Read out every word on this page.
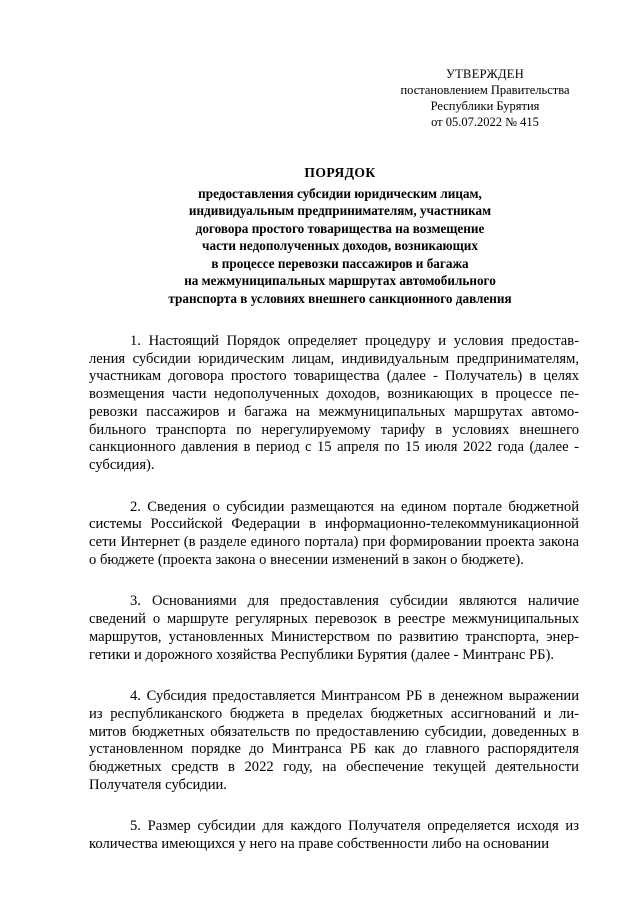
УТВЕРЖДЕН
постановлением Правительства
Республики Бурятия
от 05.07.2022 № 415
ПОРЯДОК
предоставления субсидии юридическим лицам,
индивидуальным предпринимателям, участникам
договора простого товарищества на возмещение
части недополученных доходов, возникающих
в процессе перевозки пассажиров и багажа
на межмуниципальных маршрутах автомобильного
транспорта в условиях внешнего санкционного давления

1. Настоящий Порядок определяет процедуру и условия предоставления субсидии юридическим лицам, индивидуальным предпринимателям, участникам договора простого товарищества (далее - Получатель) в целях возмещения части недополученных доходов, возникающих в процессе перевозки пассажиров и багажа на межмуниципальных маршрутах автомобильного транспорта по нерегулируемому тарифу в условиях внешнего санкционного давления в период с 15 апреля по 15 июля 2022 года (далее - субсидия).

2. Сведения о субсидии размещаются на едином портале бюджетной системы Российской Федерации в информационно-телекоммуникационной сети Интернет (в разделе единого портала) при формировании проекта закона о бюджете (проекта закона о внесении изменений в закон о бюджете).

3. Основаниями для предоставления субсидии являются наличие сведений о маршруте регулярных перевозок в реестре межмуниципальных маршрутов, установленных Министерством по развитию транспорта, энергетики и дорожного хозяйства Республики Бурятия (далее - Минтранс РБ).

4. Субсидия предоставляется Минтрансом РБ в денежном выражении из республиканского бюджета в пределах бюджетных ассигнований и лимитов бюджетных обязательств по предоставлению субсидии, доведенных в установленном порядке до Минтранса РБ как до главного распорядителя бюджетных средств в 2022 году, на обеспечение текущей деятельности Получателя субсидии.

5. Размер субсидии для каждого Получателя определяется исходя из количества имеющихся у него на праве собственности либо на основании
